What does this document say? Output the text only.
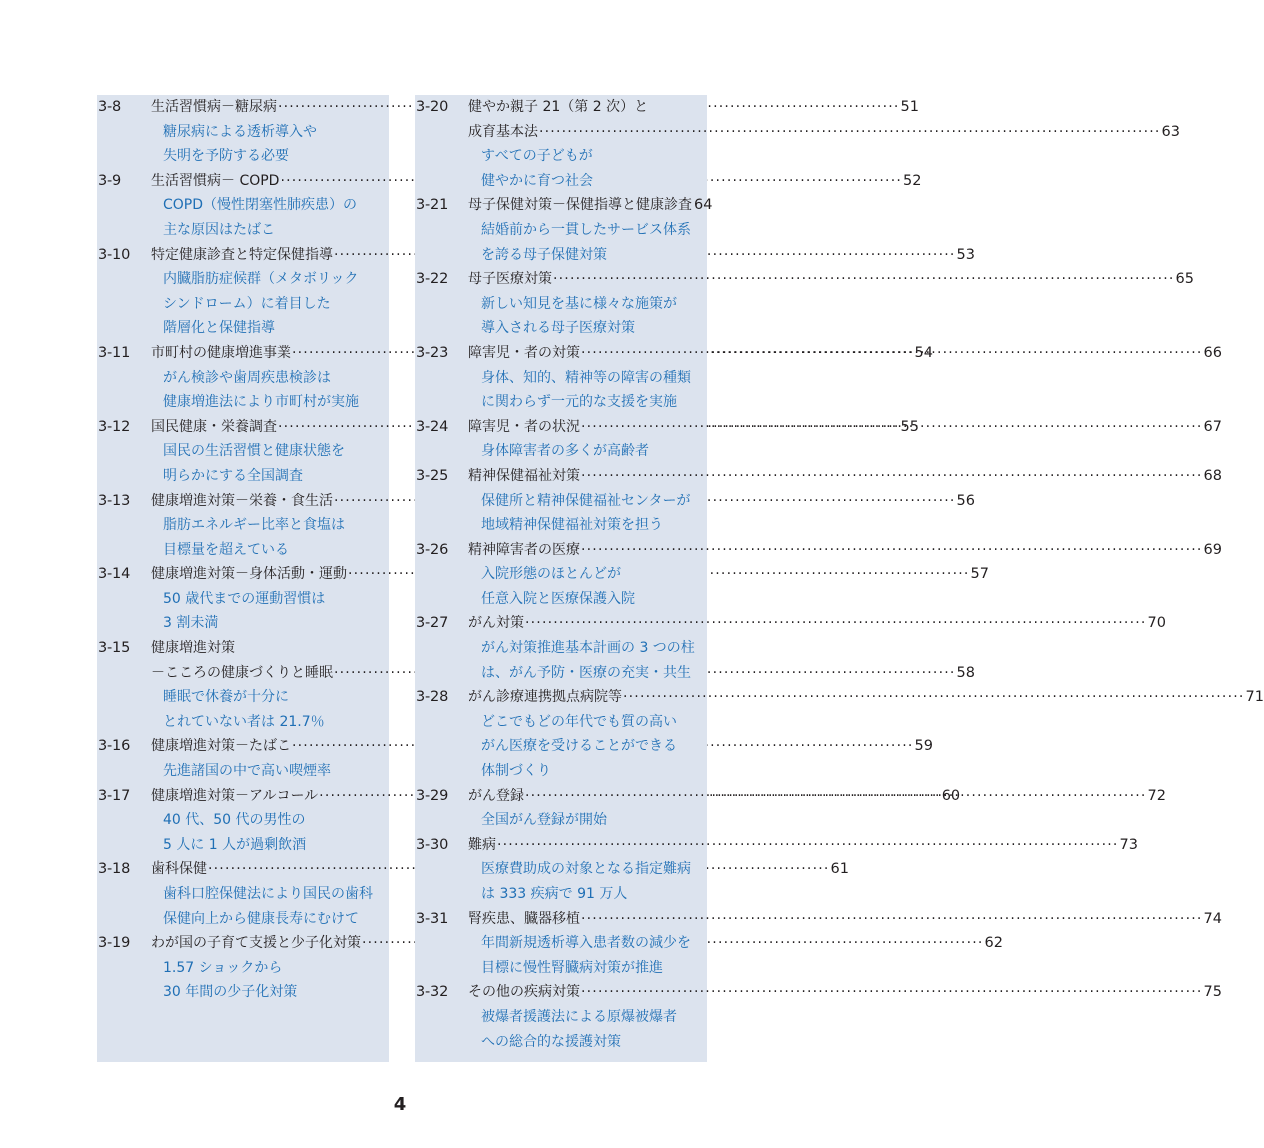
3-8 生活習慣病－糖尿病 ·····	51
糖尿病による透析導入や
失明を予防する必要
3-9 生活習慣病－ COPD ·····	52
COPD（慢性閉塞性肺疾患）の
主な原因はたばこ
3-10 特定健康診査と特定保健指導 ·····	53
内臓脂肪症候群（メタボリック
シンドローム）に着目した
階層化と保健指導
3-11 市町村の健康増進事業 ·····	54
がん検診や歯周疾患検診は
健康増進法により市町村が実施
3-12 国民健康・栄養調査 ·····	55
国民の生活習慣と健康状態を
明らかにする全国調査
3-13 健康増進対策－栄養・食生活 ·····	56
脂肪エネルギー比率と食塩は
目標量を超えている
3-14 健康増進対策－身体活動・運動 ·····	57
50 歳代までの運動習慣は
3 割未満
3-15 健康増進対策
－こころの健康づくりと睡眠 ·····	58
睡眠で休養が十分に
とれていない者は 21.7％
3-16 健康増進対策－たばこ ·····	59
先進諸国の中で高い喫煙率
3-17 健康増進対策－アルコール ·····	60
40 代、50 代の男性の
5 人に 1 人が過剰飲酒
3-18 歯科保健 ·····	61
歯科口腔保健法により国民の歯科
保健向上から健康長寿にむけて
3-19 わが国の子育て支援と少子化対策 ·····	62
1.57 ショックから
30 年間の少子化対策
3-20 健やか親子 21（第 2 次）と
成育基本法 ·····	63
すべての子どもが
健やかに育つ社会
3-21 母子保健対策－保健指導と健康診査 64
結婚前から一貫したサービス体系
を誇る母子保健対策
3-22 母子医療対策 ·····	65
新しい知見を基に様々な施策が
導入される母子医療対策
3-23 障害児・者の対策 ·····	66
身体、知的、精神等の障害の種類
に関わらず一元的な支援を実施
3-24 障害児・者の状況 ·····	67
身体障害者の多くが高齢者
3-25 精神保健福祉対策 ·····	68
保健所と精神保健福祉センターが
地域精神保健福祉対策を担う
3-26 精神障害者の医療 ·····	69
入院形態のほとんどが
任意入院と医療保護入院
3-27 がん対策 ·····	70
がん対策推進基本計画の 3 つの柱
は、がん予防・医療の充実・共生
3-28 がん診療連携拠点病院等 ·····	71
どこでもどの年代でも質の高い
がん医療を受けることができる
体制づくり
3-29 がん登録 ·····	72
全国がん登録が開始
3-30 難病 ·····	73
医療費助成の対象となる指定難病
は 333 疾病で 91 万人
3-31 腎疾患、臓器移植 ·····	74
年間新規透析導入患者数の減少を
目標に慢性腎臓病対策が推進
3-32 その他の疾病対策 ·····	75
被爆者援護法による原爆被爆者
への総合的な援護対策
4
